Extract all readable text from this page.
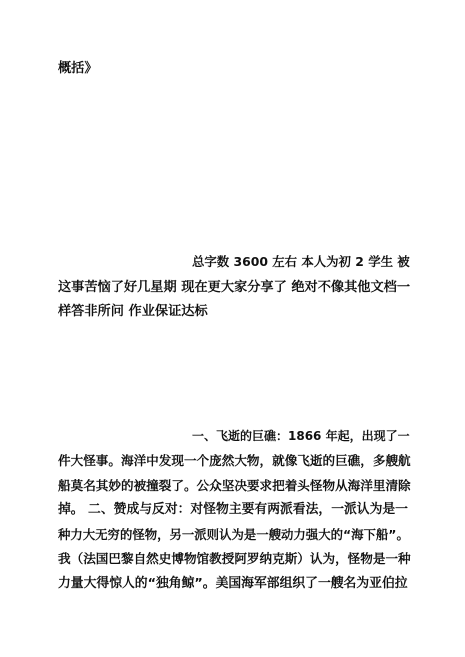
概括》
总字数 3600 左右 本人为初 2 学生 被
这事苦恼了好几星期 现在更大家分享了 绝对不像其他文档一
样答非所问 作业保证达标
一、飞逝的巨礁：1866 年起，出现了一
件大怪事。海洋中发现一个庞然大物，就像飞逝的巨礁，多艘航
船莫名其妙的被撞裂了。公众坚决要求把着头怪物从海洋里清除
掉。 二、赞成与反对：对怪物主要有两派看法，一派认为是一
种力大无穷的怪物，另一派则认为是一艘动力强大的“海下船”。
我（法国巴黎自然史博物馆教授阿罗纳克斯）认为，怪物是一种
力量大得惊人的“独角鲸”。美国海军部组织了一艘名为亚伯拉
